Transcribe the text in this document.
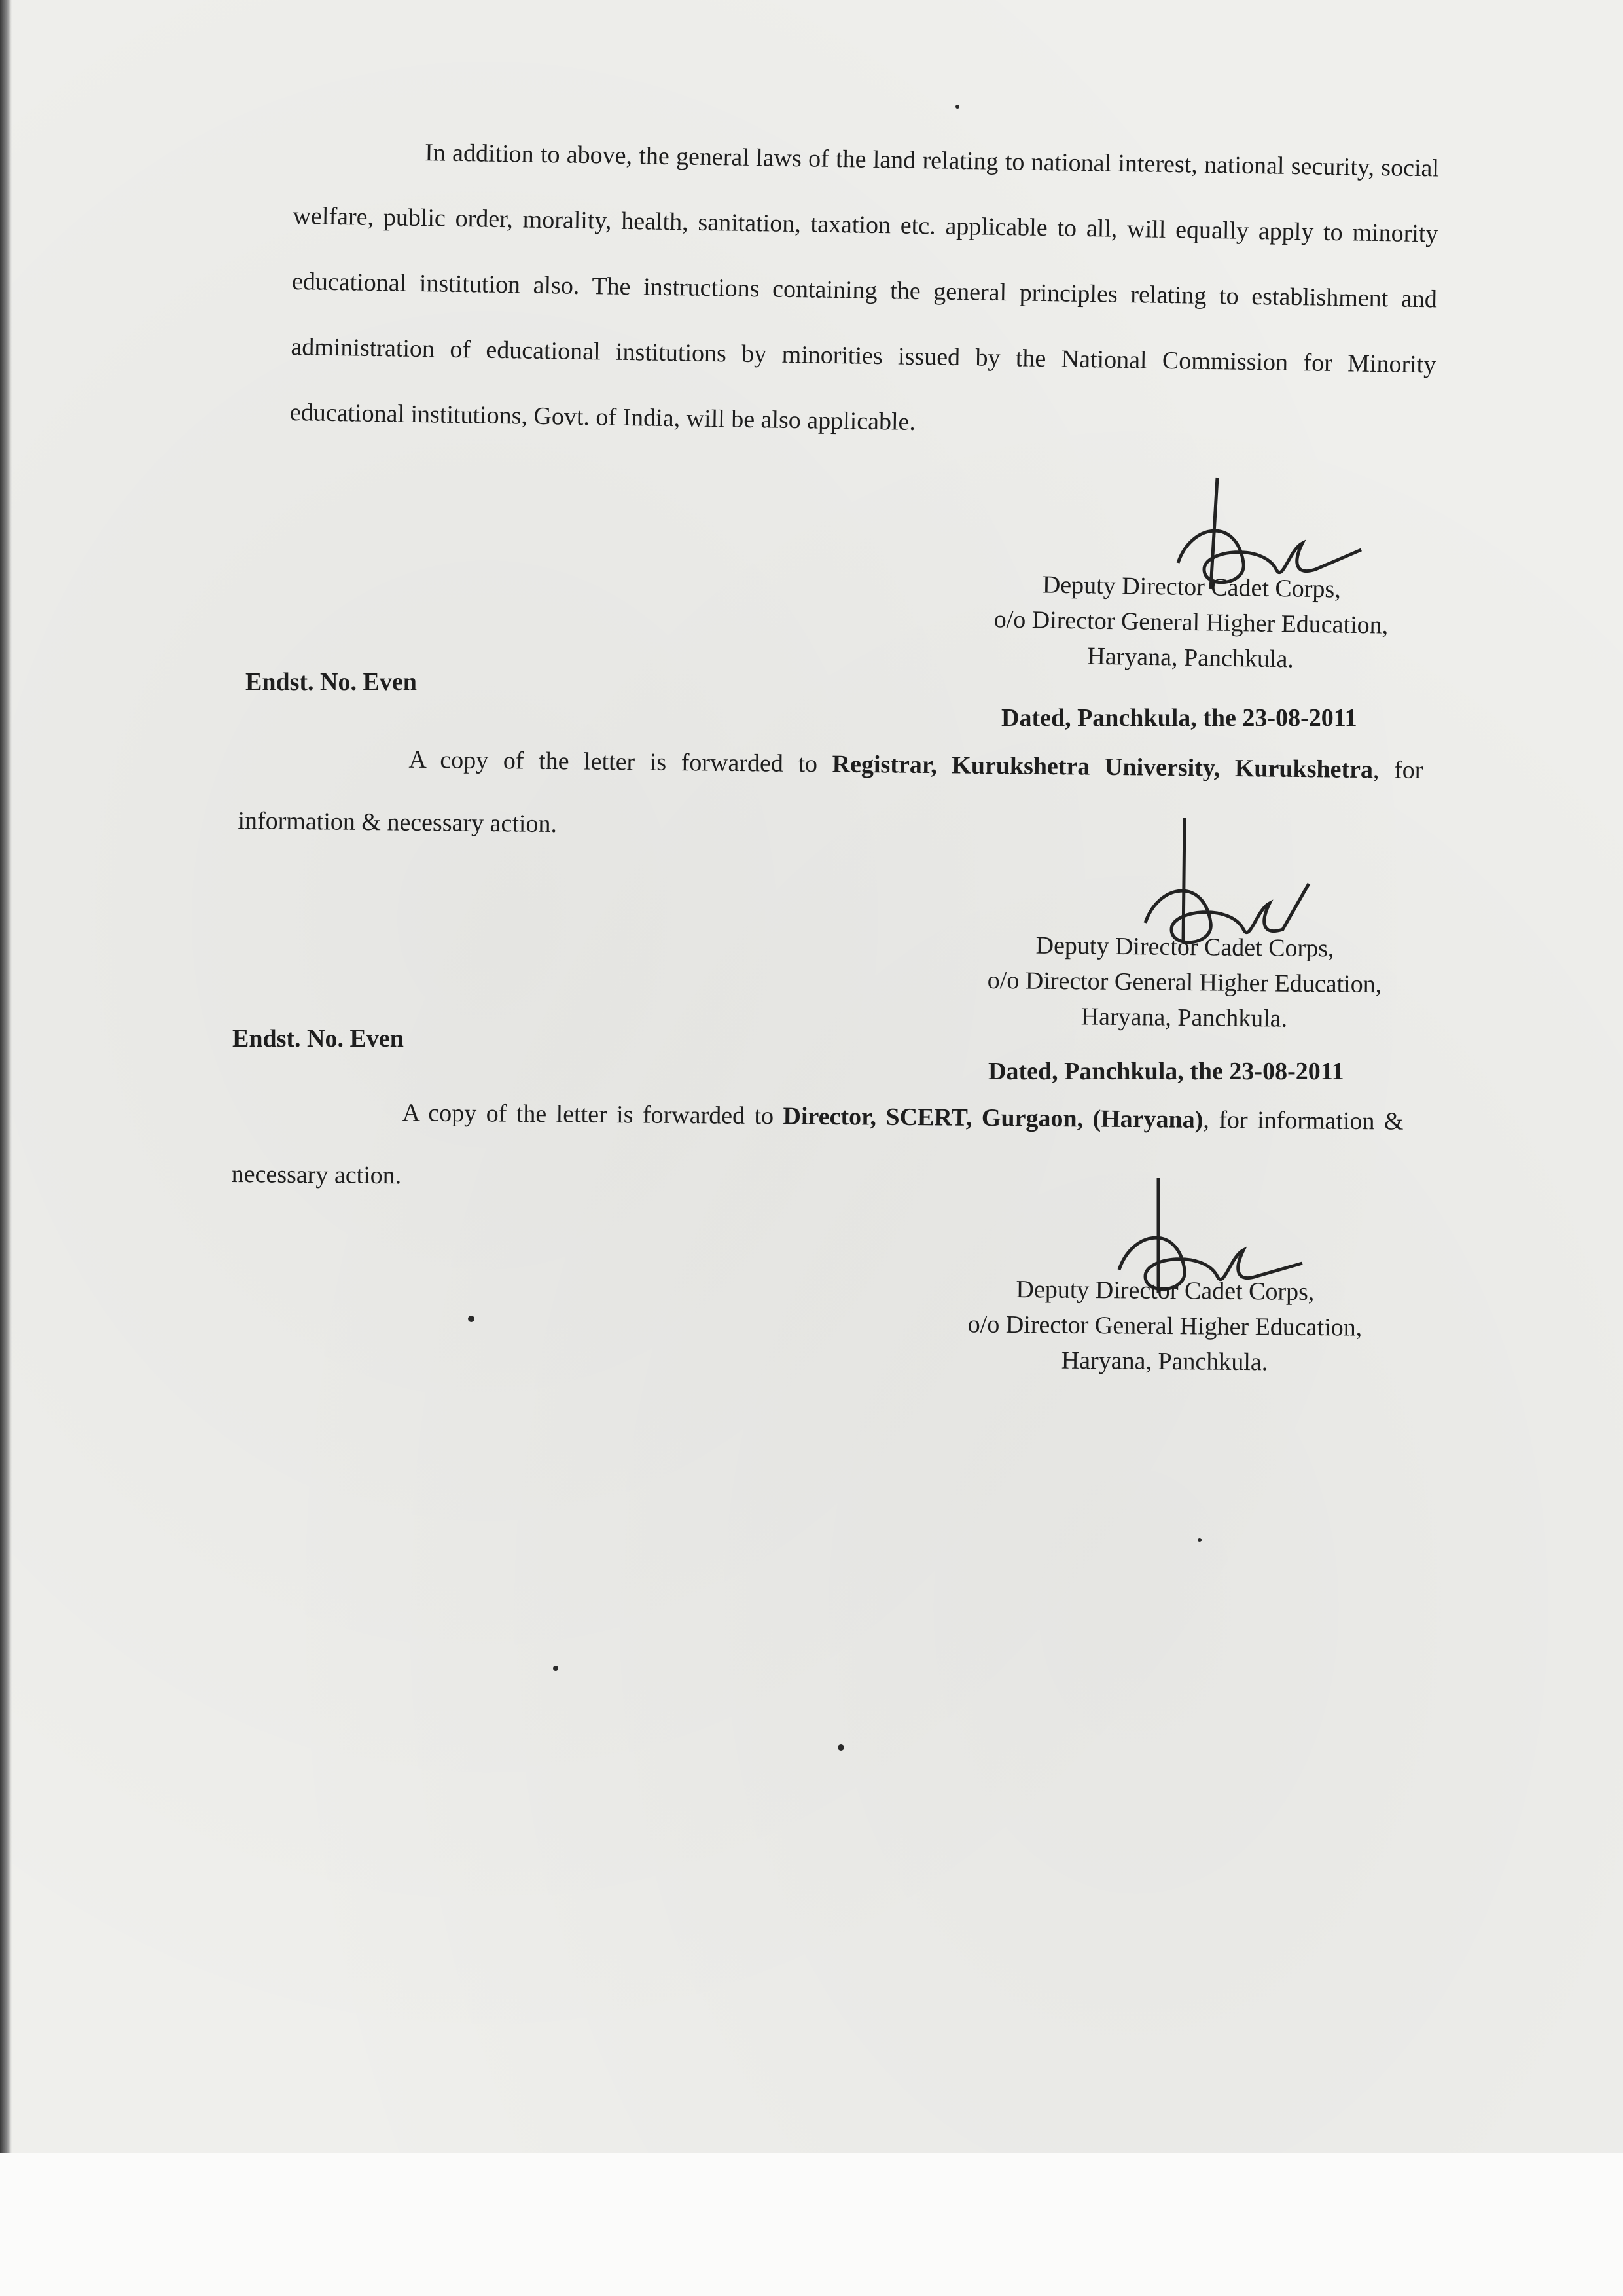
In addition to above, the general laws of the land relating to national interest, national security, social welfare, public order, morality, health, sanitation, taxation etc. applicable to all, will equally apply to minority educational institution also. The instructions containing the general principles relating to establishment and administration of educational institutions by minorities issued by the National Commission for Minority educational institutions, Govt. of India, will be also applicable.

Deputy Director Cadet Corps,
o/o Director General Higher Education,
Haryana, Panchkula.
Endst. No. Even
Dated, Panchkula, the 23-08-2011

A copy of the letter is forwarded to Registrar, Kurukshetra University, Kurukshetra, for information & necessary action.

Deputy Director Cadet Corps,
o/o Director General Higher Education,
Haryana, Panchkula.
Endst. No. Even
Dated, Panchkula, the 23-08-2011

A copy of the letter is forwarded to Director, SCERT, Gurgaon, (Haryana), for information & necessary action.

Deputy Director Cadet Corps,
o/o Director General Higher Education,
Haryana, Panchkula.
